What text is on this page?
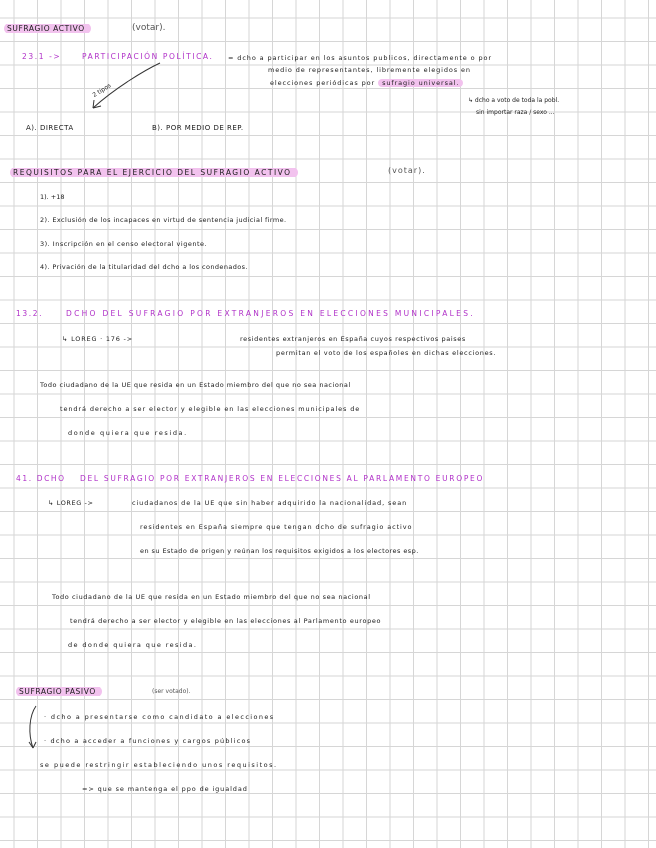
SUFRAGIO ACTIVO	(votar).
23.1 ->	PARTICIPACIÓN POLÍTICA. = dcho a participar en los asuntos publicos, directamente o por
medio de representantes, libremente elegidos en
elecciones periódicas por sufragio universal.
↳ dcho a voto de toda la pobl.
sin importar raza / sexo ...
2 tipos
A). DIRECTA	B). POR MEDIO DE REP.
REQUISITOS PARA EL EJERCICIO DEL SUFRAGIO ACTIVO	(votar).
1). +18
2). Exclusión de los incapaces en virtud de sentencia judicial firme.
3). Inscripción en el censo electoral vigente.
4). Privación de la titularidad del dcho a los condenados.
13.2.	DCHO DEL SUFRAGIO POR EXTRANJEROS EN ELECCIONES MUNICIPALES.
↳ LOREG · 176 ->	residentes extranjeros en España cuyos respectivos paises
permitan el voto de los españoles en dichas elecciones.
Todo ciudadano de la UE que resida en un Estado miembro del que no sea nacional
tendrá derecho a ser elector y elegible en las elecciones municipales de
donde quiera que resida.
41. DCHO DEL SUFRAGIO POR EXTRANJEROS EN ELECCIONES AL PARLAMENTO EUROPEO
↳ LOREG ->	ciudadanos de la UE que sin haber adquirido la nacionalidad, sean
residentes en España siempre que tengan dcho de sufragio activo
en su Estado de origen y reúnan los requisitos exigidos a los electores esp.
Todo ciudadano de la UE que resida en un Estado miembro del que no sea nacional
tendrá derecho a ser elector y elegible en las elecciones al Parlamento europeo
de donde quiera que resida.
SUFRAGIO PASIVO	(ser votado).
· dcho a presentarse como candidato a elecciones
· dcho a acceder a funciones y cargos públicos
se puede restringir estableciendo unos requisitos.
=> que se mantenga el ppo de igualdad
